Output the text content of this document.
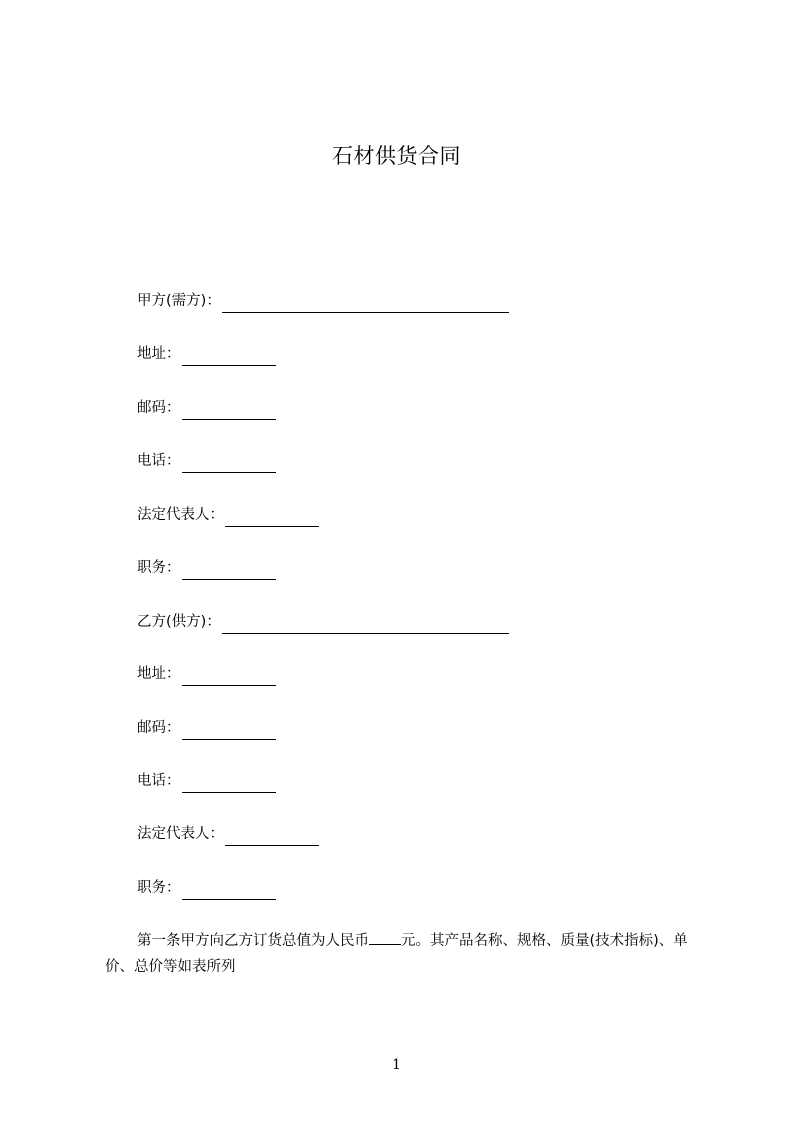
石材供货合同
甲方(需方)：
地址：
邮码：
电话：
法定代表人：
职务：
乙方(供方)：
地址：
邮码：
电话：
法定代表人：
职务：
第一条甲方向乙方订货总值为人民币 元。其产品名称、规格、质量(技术指标)、单价、总价等如表所列
1
